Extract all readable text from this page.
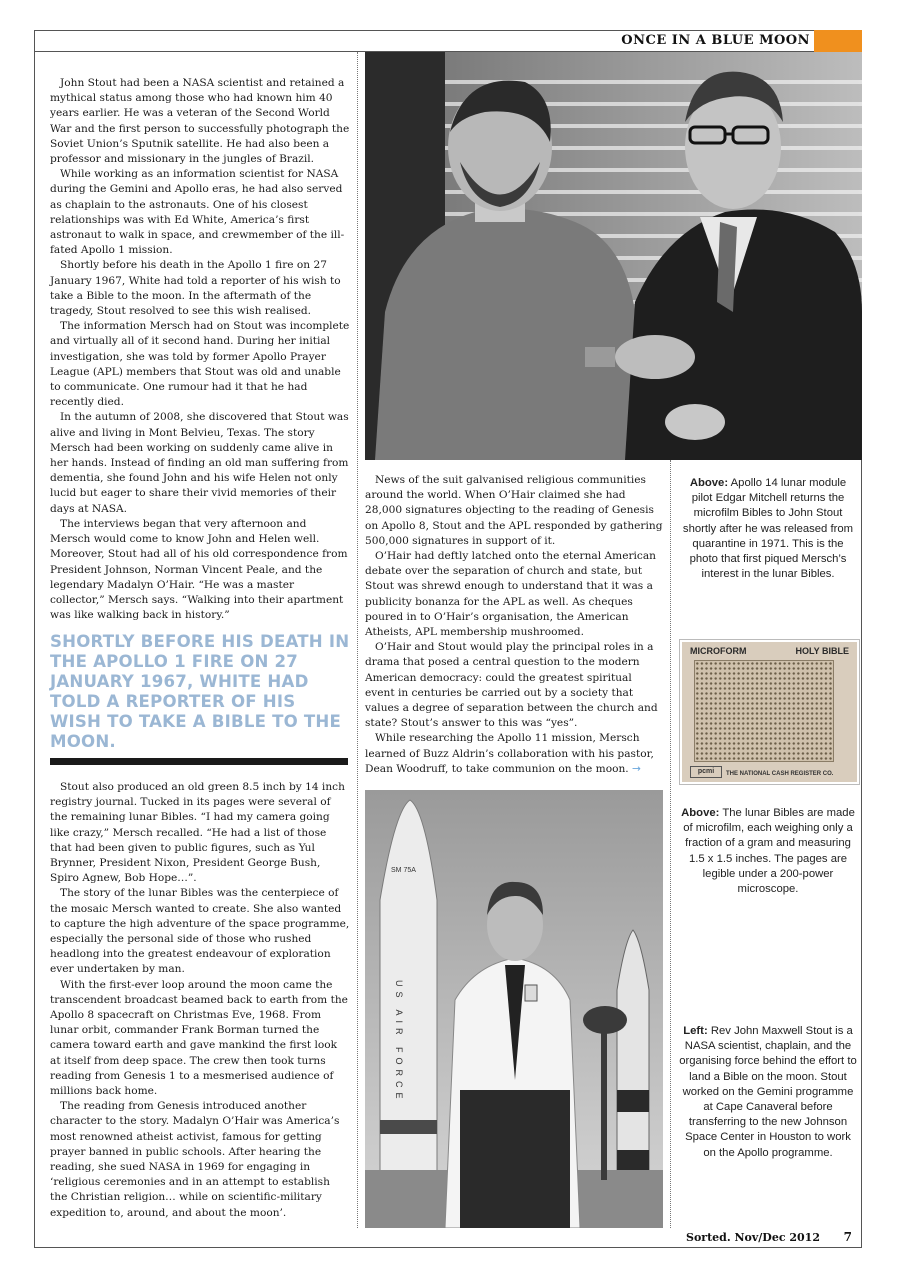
ONCE IN A BLUE MOON

John Stout had been a NASA scientist and retained a mythical status among those who had known him 40 years earlier. He was a veteran of the Second World War and the first person to successfully photograph the Soviet Union’s Sputnik satellite. He had also been a professor and missionary in the jungles of Brazil.

While working as an information scientist for NASA during the Gemini and Apollo eras, he had also served as chaplain to the astronauts. One of his closest relationships was with Ed White, America’s first astronaut to walk in space, and crewmember of the ill-fated Apollo 1 mission.

Shortly before his death in the Apollo 1 fire on 27 January 1967, White had told a reporter of his wish to take a Bible to the moon. In the aftermath of the tragedy, Stout resolved to see this wish realised.

The information Mersch had on Stout was incomplete and virtually all of it second hand. During her initial investigation, she was told by former Apollo Prayer League (APL) members that Stout was old and unable to communicate. One rumour had it that he had recently died.

In the autumn of 2008, she discovered that Stout was alive and living in Mont Belvieu, Texas. The story Mersch had been working on suddenly came alive in her hands. Instead of finding an old man suffering from dementia, she found John and his wife Helen not only lucid but eager to share their vivid memories of their days at NASA.

The interviews began that very afternoon and Mersch would come to know John and Helen well. Moreover, Stout had all of his old correspondence from President Johnson, Norman Vincent Peale, and the legendary Madalyn O’Hair. “He was a master collector,” Mersch says. “Walking into their apartment was like walking back in history.”

SHORTLY BEFORE HIS DEATH IN THE APOLLO 1 FIRE ON 27 JANUARY 1967, WHITE HAD TOLD A REPORTER OF HIS WISH TO TAKE A BIBLE TO THE MOON.

Stout also produced an old green 8.5 inch by 14 inch registry journal. Tucked in its pages were several of the remaining lunar Bibles. “I had my camera going like crazy,” Mersch recalled. “He had a list of those that had been given to public figures, such as Yul Brynner, President Nixon, President George Bush, Spiro Agnew, Bob Hope…”.

The story of the lunar Bibles was the centerpiece of the mosaic Mersch wanted to create. She also wanted to capture the high adventure of the space programme, especially the personal side of those who rushed headlong into the greatest endeavour of exploration ever undertaken by man.

With the first-ever loop around the moon came the transcendent broadcast beamed back to earth from the Apollo 8 spacecraft on Christmas Eve, 1968. From lunar orbit, commander Frank Borman turned the camera toward earth and gave mankind the first look at itself from deep space. The crew then took turns reading from Genesis 1 to a mesmerised audience of millions back home.

The reading from Genesis introduced another character to the story. Madalyn O’Hair was America’s most renowned atheist activist, famous for getting prayer banned in public schools. After hearing the reading, she sued NASA in 1969 for engaging in ‘religious ceremonies and in an attempt to establish the Christian religion… while on scientific-military expedition to, around, and about the moon’.

News of the suit galvanised religious communities around the world. When O’Hair claimed she had 28,000 signatures objecting to the reading of Genesis on Apollo 8, Stout and the APL responded by gathering 500,000 signatures in support of it.

O’Hair had deftly latched onto the eternal American debate over the separation of church and state, but Stout was shrewd enough to understand that it was a publicity bonanza for the APL as well. As cheques poured in to O’Hair’s organisation, the American Atheists, APL membership mushroomed.

O’Hair and Stout would play the principal roles in a drama that posed a central question to the modern American democracy: could the greatest spiritual event in centuries be carried out by a society that values a degree of separation between the church and state? Stout’s answer to this was “yes”.

While researching the Apollo 11 mission, Mersch learned of Buzz Aldrin’s collaboration with his pastor, Dean Woodruff, to take communion on the moon. →

SM 75A
US AIR FORCE
Above: Apollo 14 lunar module pilot Edgar Mitchell returns the microfilm Bibles to John Stout shortly after he was released from quarantine in 1971. This is the photo that first piqued Mersch’s interest in the lunar Bibles.
MICROFORM	HOLY BIBLE
pcmi	THE NATIONAL CASH REGISTER CO.
Above: The lunar Bibles are made of microfilm, each weighing only a fraction of a gram and measuring 1.5 x 1.5 inches. The pages are legible under a 200-power microscope.
Left: Rev John Maxwell Stout is a NASA scientist, chaplain, and the organising force behind the effort to land a Bible on the moon. Stout worked on the Gemini programme at Cape Canaveral before transferring to the new Johnson Space Center in Houston to work on the Apollo programme.
Sorted. Nov/Dec 2012 7
